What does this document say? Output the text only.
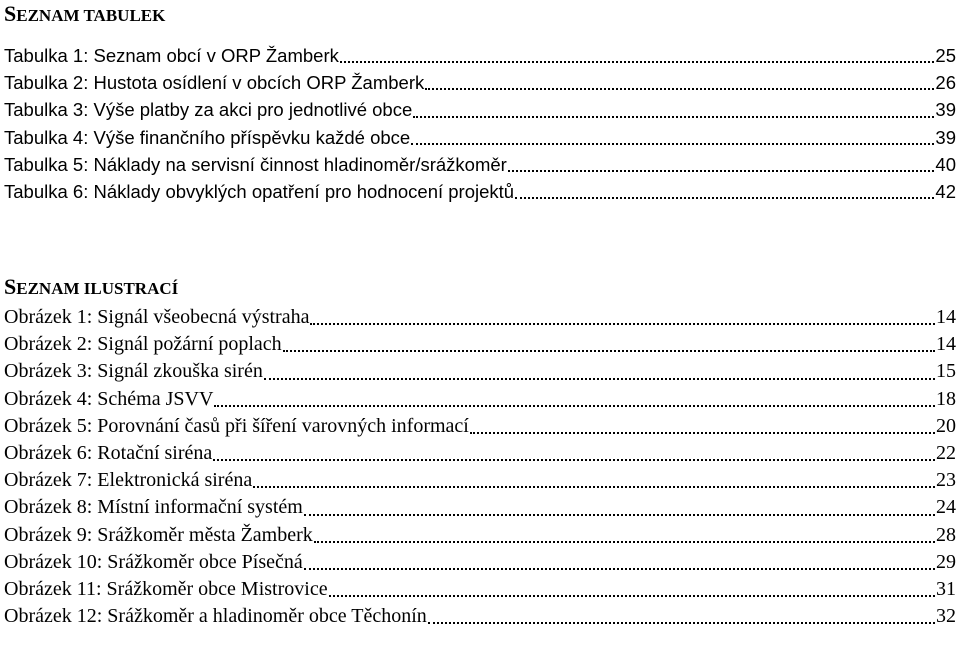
SEZNAM TABULEK
Tabulka 1: Seznam obcí v ORP Žamberk	25
Tabulka 2: Hustota osídlení v obcích ORP Žamberk	26
Tabulka 3: Výše platby za akci pro jednotlivé obce	39
Tabulka 4: Výše finančního příspěvku každé obce	39
Tabulka 5: Náklady na servisní činnost hladinoměr/srážkoměr	40
Tabulka 6: Náklady obvyklých opatření pro hodnocení projektů	42
SEZNAM ILUSTRACÍ
Obrázek 1: Signál všeobecná výstraha	14
Obrázek 2: Signál požární poplach	14
Obrázek 3: Signál zkouška sirén	15
Obrázek 4: Schéma JSVV	18
Obrázek 5: Porovnání časů při šíření varovných informací	20
Obrázek 6: Rotační siréna	22
Obrázek 7: Elektronická siréna	23
Obrázek 8: Místní informační systém	24
Obrázek 9: Srážkoměr města Žamberk	28
Obrázek 10: Srážkoměr obce Písečná	29
Obrázek 11: Srážkoměr obce Mistrovice	31
Obrázek 12: Srážkoměr a hladinoměr obce Těchonín	32
